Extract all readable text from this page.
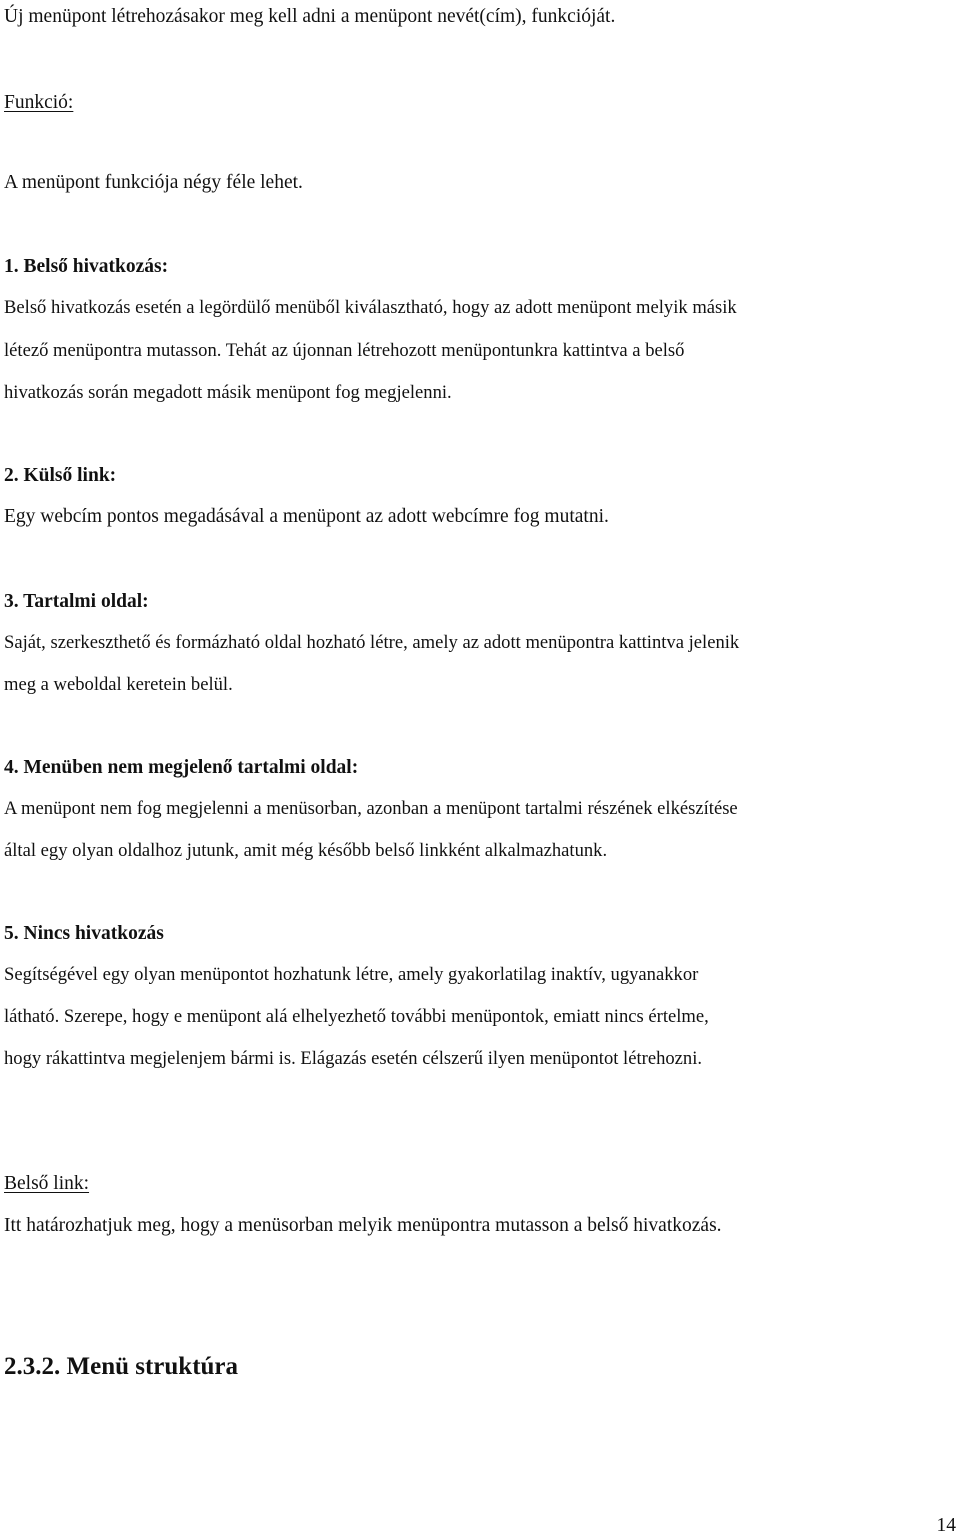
Új menüpont létrehozásakor meg kell adni a menüpont nevét(cím), funkcióját.
Funkció:
A menüpont funkciója négy féle lehet.
1. Belső hivatkozás:
Belső hivatkozás esetén a legördülő menüből kiválasztható, hogy az adott menüpont melyik másik
létező menüpontra mutasson. Tehát az újonnan létrehozott menüpontunkra kattintva a belső
hivatkozás során megadott másik menüpont fog megjelenni.
2. Külső link:
Egy webcím pontos megadásával a menüpont az adott webcímre fog mutatni.
3. Tartalmi oldal:
Saját, szerkeszthető és formázható oldal hozható létre, amely az adott menüpontra kattintva jelenik
meg a weboldal keretein belül.
4. Menüben nem megjelenő tartalmi oldal:
A menüpont nem fog megjelenni a menüsorban, azonban a menüpont tartalmi részének elkészítése
által egy olyan oldalhoz jutunk, amit még később belső linkként alkalmazhatunk.
5. Nincs hivatkozás
Segítségével egy olyan menüpontot hozhatunk létre, amely gyakorlatilag inaktív, ugyanakkor
látható. Szerepe, hogy e menüpont alá elhelyezhető további menüpontok, emiatt nincs értelme,
hogy rákattintva megjelenjem bármi is. Elágazás esetén célszerű ilyen menüpontot létrehozni.
Belső link:
Itt határozhatjuk meg, hogy a menüsorban melyik menüpontra mutasson a belső hivatkozás.
2.3.2. Menü struktúra
14
